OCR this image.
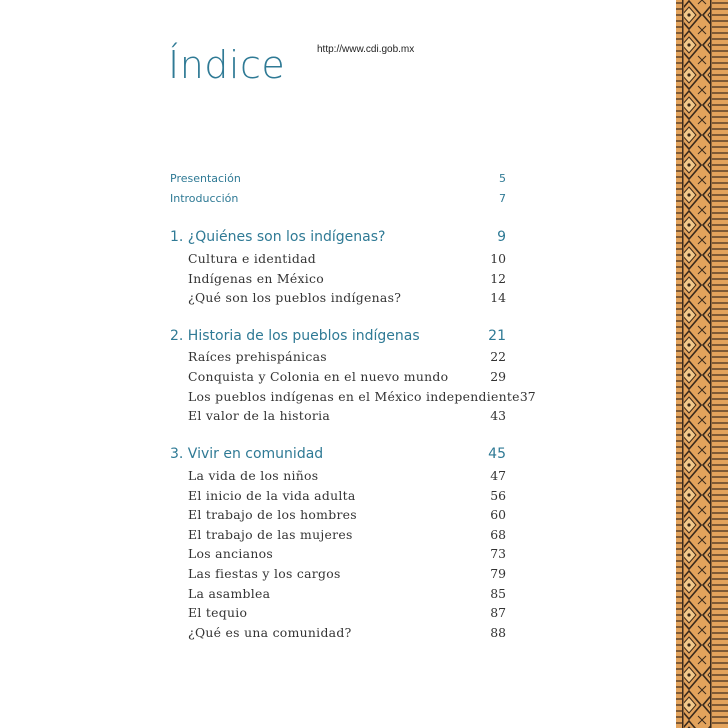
Índice	http://www.cdi.gob.mx
Presentación	5
Introducción	7
1. ¿Quiénes son los indígenas?	9
Cultura e identidad	10
Indígenas en México	12
¿Qué son los pueblos indígenas?	14
2. Historia de los pueblos indígenas	21
Raíces prehispánicas	22
Conquista y Colonia en el nuevo mundo	29
Los pueblos indígenas en el México independiente 37
El valor de la historia	43
3. Vivir en comunidad	45
La vida de los niños	47
El inicio de la vida adulta	56
El trabajo de los hombres	60
El trabajo de las mujeres	68
Los ancianos	73
Las fiestas y los cargos	79
La asamblea	85
El tequio	87
¿Qué es una comunidad?	88
